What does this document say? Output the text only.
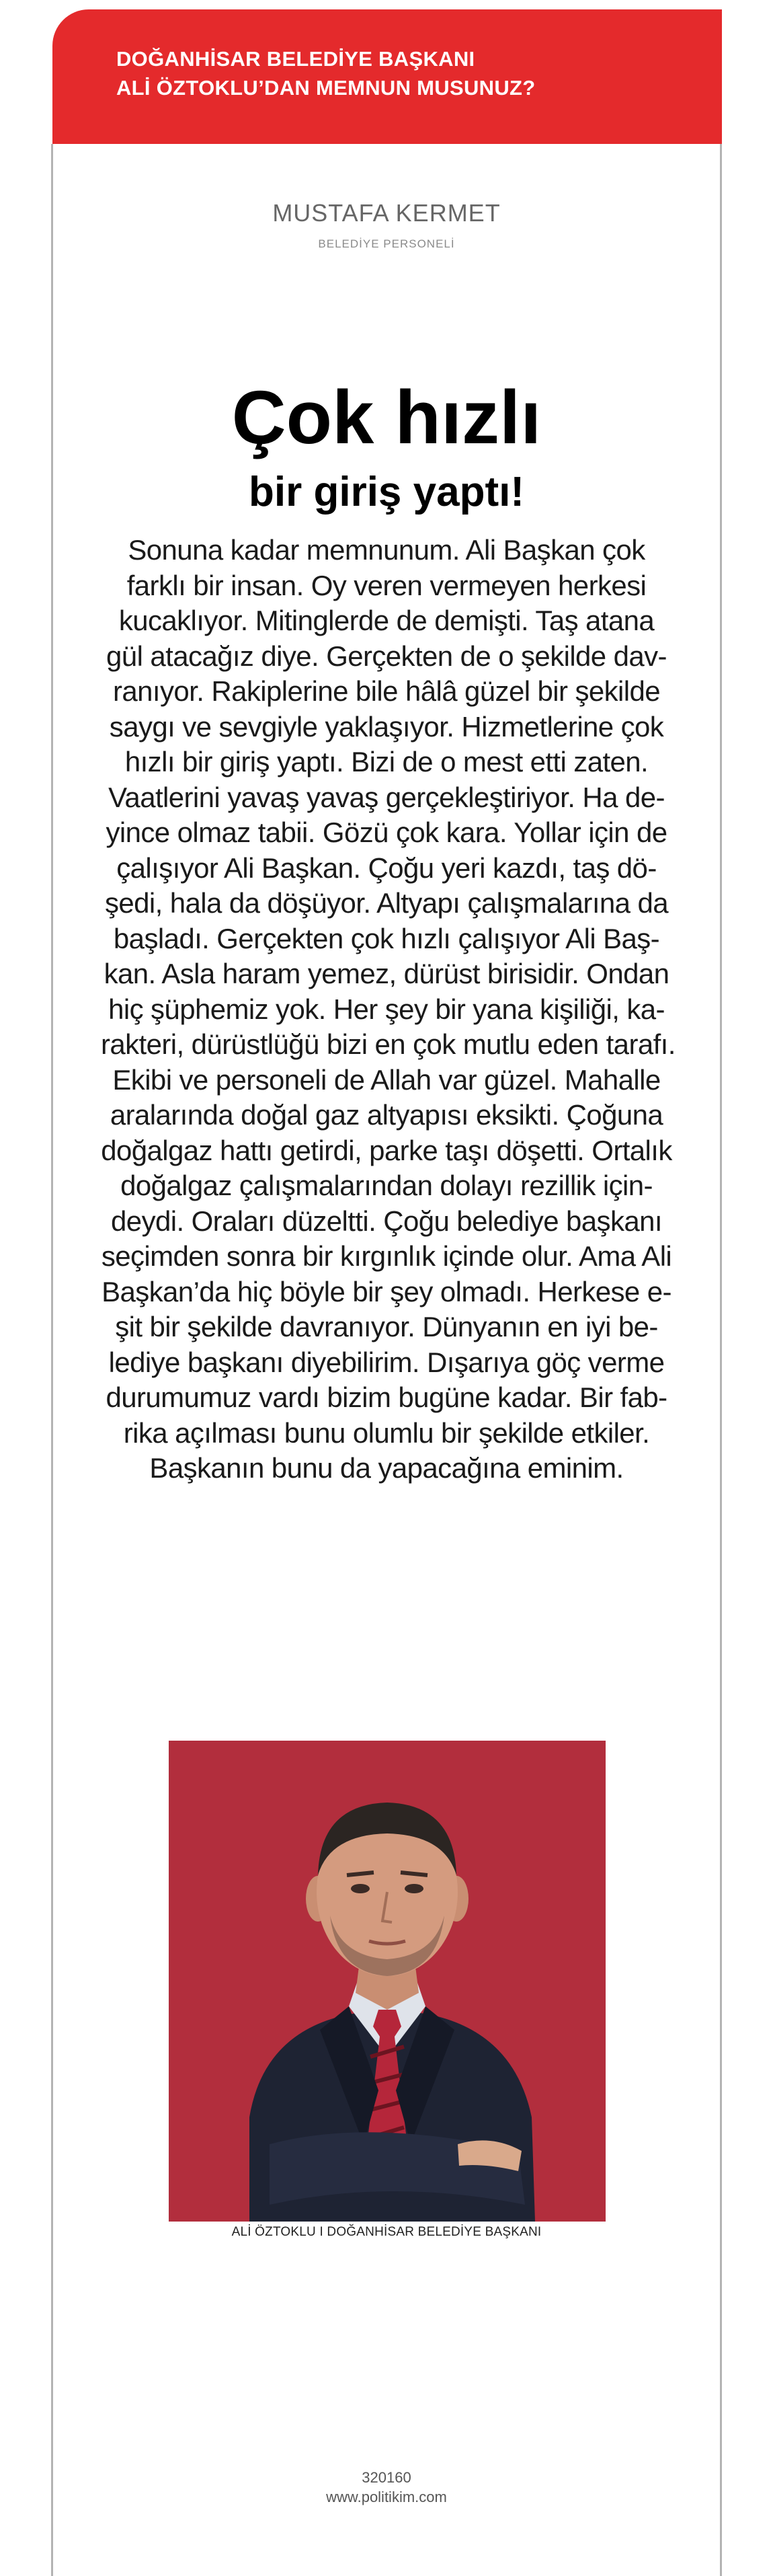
DOĞANHİSAR BELEDİYE BAŞKANI
ALİ ÖZTOKLU’DAN MEMNUN MUSUNUZ?
MUSTAFA KERMET
BELEDİYE PERSONELİ
Çok hızlı
bir giriş yaptı!
Sonuna kadar memnunum. Ali Başkan çok
farklı bir insan. Oy veren vermeyen herkesi
kucaklıyor. Mitinglerde de demişti. Taş atana
gül atacağız diye. Gerçekten de o şekilde dav-
ranıyor. Rakiplerine bile hâlâ güzel bir şekilde
saygı ve sevgiyle yaklaşıyor. Hizmetlerine çok
hızlı bir giriş yaptı. Bizi de o mest etti zaten.
Vaatlerini yavaş yavaş gerçekleştiriyor. Ha de-
yince olmaz tabii. Gözü çok kara. Yollar için de
çalışıyor Ali Başkan. Çoğu yeri kazdı, taş dö-
şedi, hala da döşüyor. Altyapı çalışmalarına da
başladı. Gerçekten çok hızlı çalışıyor Ali Baş-
kan. Asla haram yemez, dürüst birisidir. Ondan
hiç şüphemiz yok. Her şey bir yana kişiliği, ka-
rakteri, dürüstlüğü bizi en çok mutlu eden tarafı.
Ekibi ve personeli de Allah var güzel. Mahalle
aralarında doğal gaz altyapısı eksikti. Çoğuna
doğalgaz hattı getirdi, parke taşı döşetti. Ortalık
doğalgaz çalışmalarından dolayı rezillik için-
deydi. Oraları düzeltti. Çoğu belediye başkanı
seçimden sonra bir kırgınlık içinde olur. Ama Ali
Başkan’da hiç böyle bir şey olmadı. Herkese e-
şit bir şekilde davranıyor. Dünyanın en iyi be-
lediye başkanı diyebilirim. Dışarıya göç verme
durumumuz vardı bizim bugüne kadar. Bir fab-
rika açılması bunu olumlu bir şekilde etkiler.
Başkanın bunu da yapacağına eminim.
ALİ ÖZTOKLU I DOĞANHİSAR BELEDİYE BAŞKANI
320160
www.politikim.com
